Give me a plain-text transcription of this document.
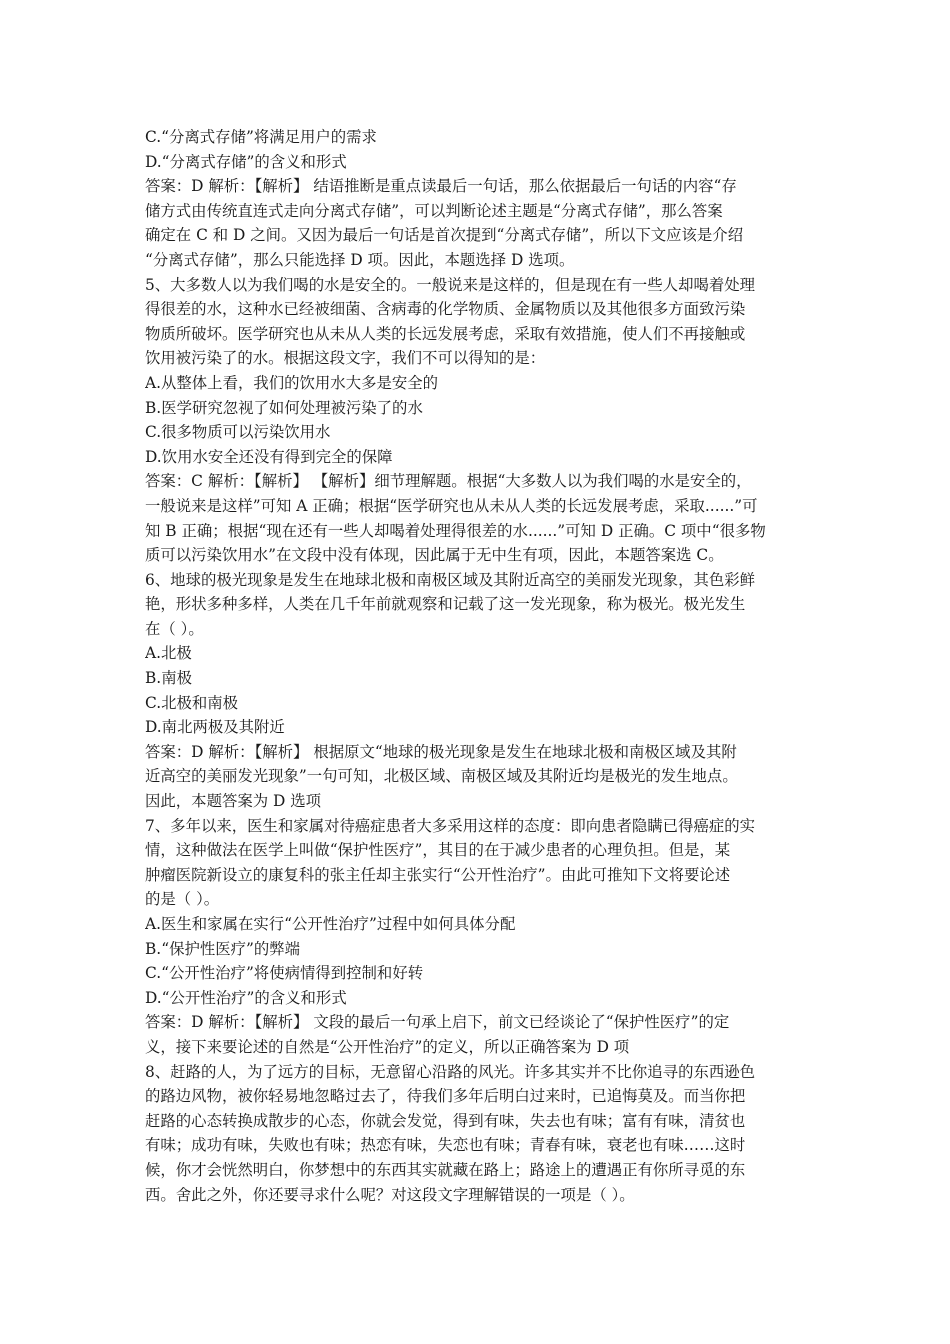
C.“分离式存储”将满足用户的需求
D.“分离式存储”的含义和形式
答案：D 解析：【解析】 结语推断是重点读最后一句话，那么依据最后一句话的内容“存
储方式由传统直连式走向分离式存储”，可以判断论述主题是“分离式存储”，那么答案
确定在 C 和 D 之间。又因为最后一句话是首次提到“分离式存储”，所以下文应该是介绍
“分离式存储”，那么只能选择 D 项。因此，本题选择 D 选项。
5、大多数人以为我们喝的水是安全的。一般说来是这样的，但是现在有一些人却喝着处理
得很差的水，这种水已经被细菌、含病毒的化学物质、金属物质以及其他很多方面致污染
物质所破坏。医学研究也从未从人类的长远发展考虑，采取有效措施，使人们不再接触或
饮用被污染了的水。根据这段文字，我们不可以得知的是：
A.从整体上看，我们的饮用水大多是安全的
B.医学研究忽视了如何处理被污染了的水
C.很多物质可以污染饮用水
D.饮用水安全还没有得到完全的保障
答案：C 解析：【解析】 【解析】细节理解题。根据“大多数人以为我们喝的水是安全的，
一般说来是这样”可知 A 正确；根据“医学研究也从未从人类的长远发展考虑，采取......”可
知 B 正确；根据“现在还有一些人却喝着处理得很差的水......”可知 D 正确。C 项中“很多物
质可以污染饮用水”在文段中没有体现，因此属于无中生有项，因此，本题答案选 C。
6、地球的极光现象是发生在地球北极和南极区域及其附近高空的美丽发光现象，其色彩鲜
艳，形状多种多样，人类在几千年前就观察和记载了这一发光现象，称为极光。极光发生
在（ ）。
A.北极
B.南极
C.北极和南极
D.南北两极及其附近
答案：D 解析：【解析】 根据原文“地球的极光现象是发生在地球北极和南极区域及其附
近高空的美丽发光现象”一句可知，北极区域、南极区域及其附近均是极光的发生地点。
因此，本题答案为 D 选项
7、多年以来，医生和家属对待癌症患者大多采用这样的态度：即向患者隐瞒已得癌症的实
情，这种做法在医学上叫做“保护性医疗”，其目的在于减少患者的心理负担。但是，某
肿瘤医院新设立的康复科的张主任却主张实行“公开性治疗”。由此可推知下文将要论述
的是（ ）。
A.医生和家属在实行“公开性治疗”过程中如何具体分配
B.“保护性医疗”的弊端
C.“公开性治疗”将使病情得到控制和好转
D.“公开性治疗”的含义和形式
答案：D 解析：【解析】 文段的最后一句承上启下，前文已经谈论了“保护性医疗”的定
义，接下来要论述的自然是“公开性治疗”的定义，所以正确答案为 D 项
8、赶路的人，为了远方的目标，无意留心沿路的风光。许多其实并不比你追寻的东西逊色
的路边风物，被你轻易地忽略过去了，待我们多年后明白过来时，已追悔莫及。而当你把
赶路的心态转换成散步的心态，你就会发觉，得到有味，失去也有味；富有有味，清贫也
有味；成功有味，失败也有味；热恋有味，失恋也有味；青春有味，衰老也有味……这时
候，你才会恍然明白，你梦想中的东西其实就藏在路上；路途上的遭遇正有你所寻觅的东
西。舍此之外，你还要寻求什么呢？对这段文字理解错误的一项是（ ）。
